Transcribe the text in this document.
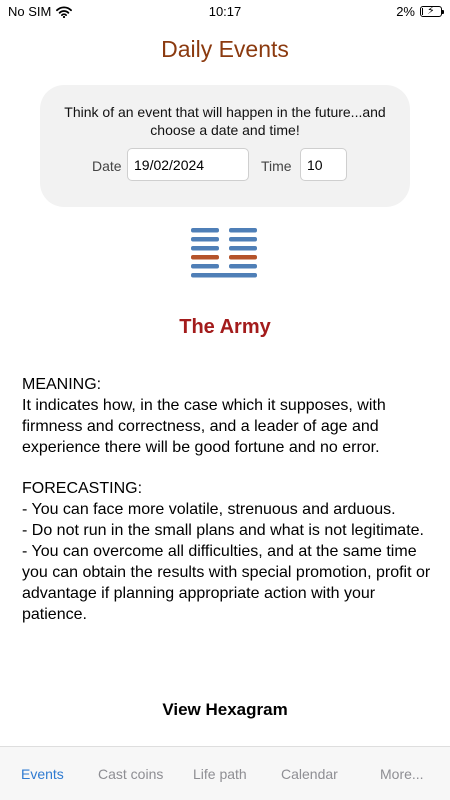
No SIM	10:17	2% ⚡
Daily Events
Think of an event that will happen in the future...and choose a date and time!
Date
19/02/2024	Time
10
The Army

MEANING:

It indicates how, in the case which it supposes, with firmness and correctness, and a leader of age and experience there will be good fortune and no error.

FORECASTING:

- You can face more volatile, strenuous and arduous.

- Do not run in the small plans and what is not legitimate.

- You can overcome all difficulties, and at the same time you can obtain the results with special promotion, profit or advantage if planning appropriate action with your patience.

View Hexagram
Events Cast coins Life path Calendar	More...
